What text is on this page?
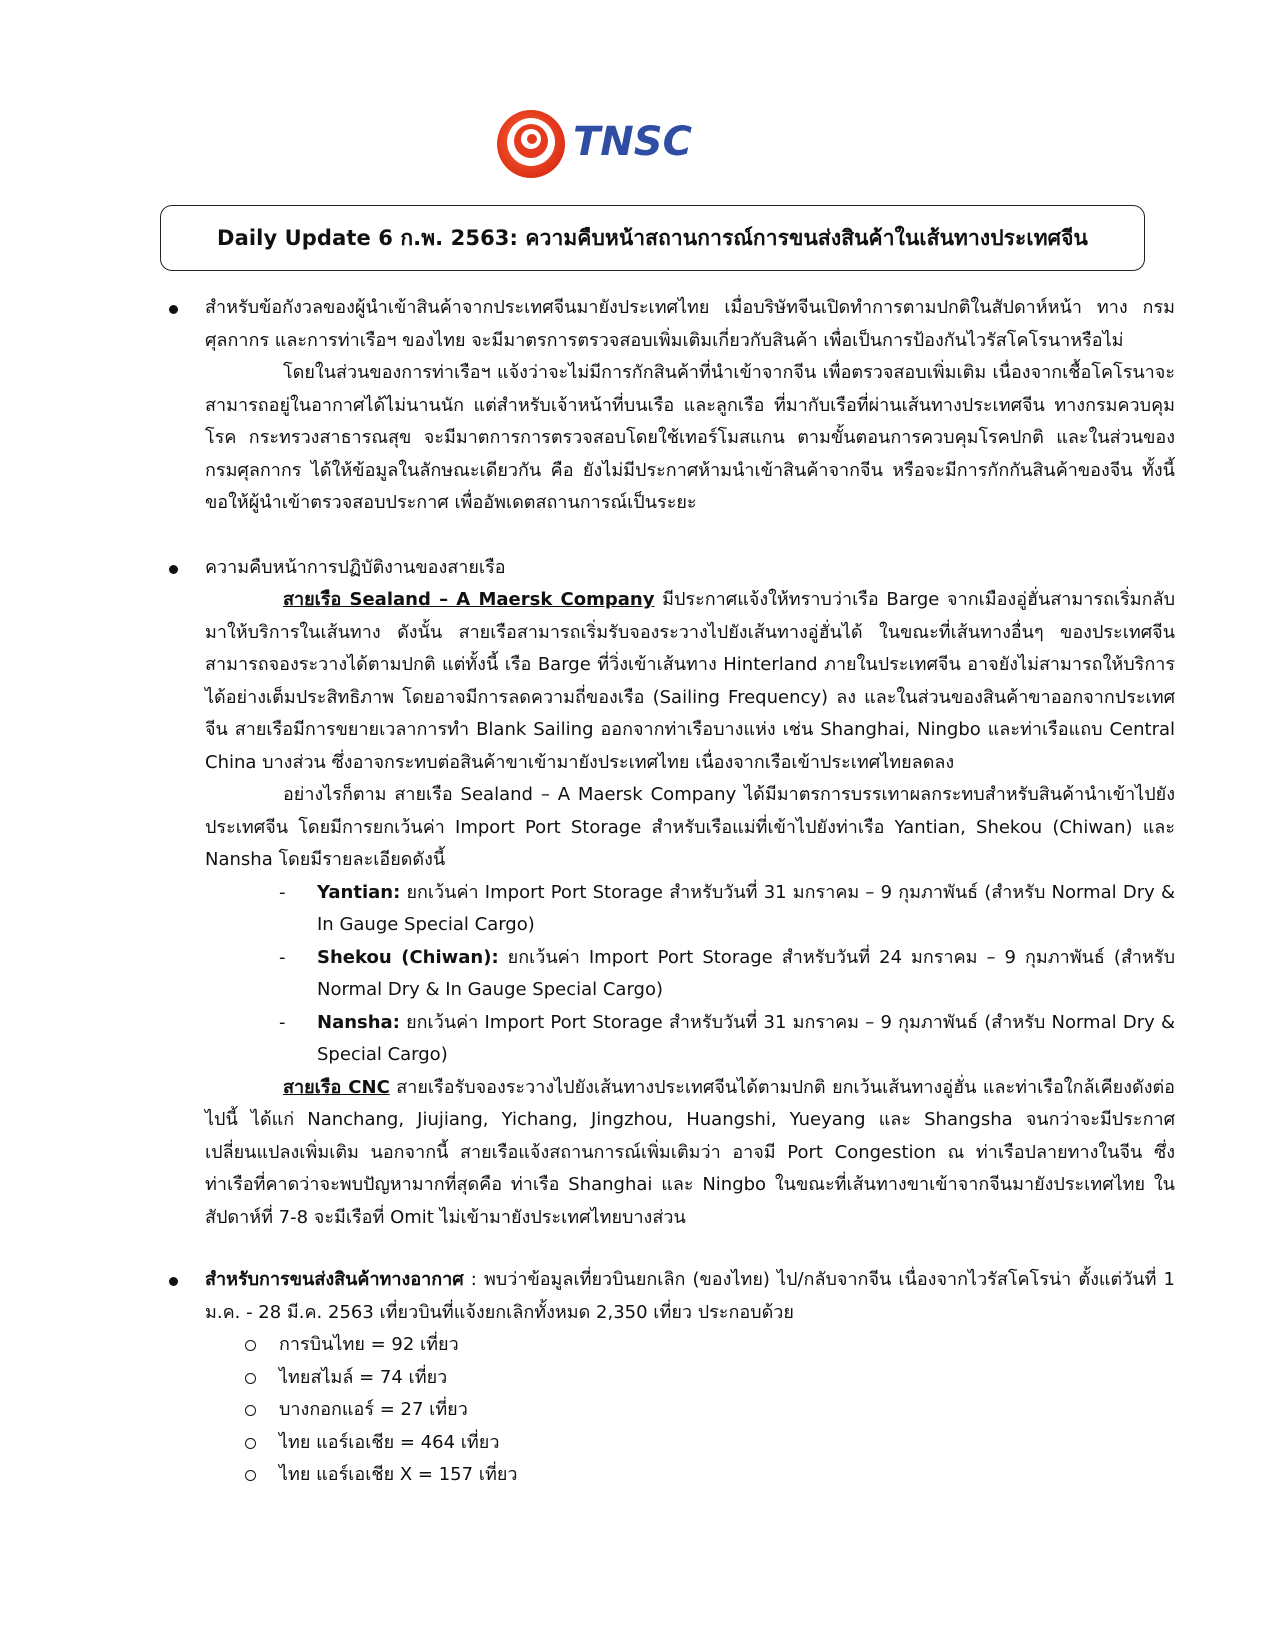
TNSC
Daily Update 6 ก.พ. 2563: ความคืบหน้าสถานการณ์การขนส่งสินค้าในเส้นทางประเทศจีน

สำหรับข้อกังวลของผู้นำเข้าสินค้าจากประเทศจีนมายังประเทศไทย เมื่อบริษัทจีนเปิดทำการตามปกติในสัปดาห์หน้า ทาง กรมศุลกากร และการท่าเรือฯ ของไทย จะมีมาตรการตรวจสอบเพิ่มเติมเกี่ยวกับสินค้า เพื่อเป็นการป้องกันไวรัสโคโรนาหรือไม่

โดยในส่วนของการท่าเรือฯ แจ้งว่าจะไม่มีการกักสินค้าที่นำเข้าจากจีน เพื่อตรวจสอบเพิ่มเติม เนื่องจากเชื้อโคโรนาจะสามารถอยู่ในอากาศได้ไม่นานนัก แต่สำหรับเจ้าหน้าที่บนเรือ และลูกเรือ ที่มากับเรือที่ผ่านเส้นทางประเทศจีน ทางกรมควบคุมโรค กระทรวงสาธารณสุข จะมีมาตการการตรวจสอบโดยใช้เทอร์โมสแกน ตามขั้นตอนการควบคุมโรคปกติ และในส่วนของกรมศุลกากร ได้ให้ข้อมูลในลักษณะเดียวกัน คือ ยังไม่มีประกาศห้ามนำเข้าสินค้าจากจีน หรือจะมีการกักกันสินค้าของจีน ทั้งนี้ ขอให้ผู้นำเข้าตรวจสอบประกาศ เพื่ออัพเดตสถานการณ์เป็นระยะ

ความคืบหน้าการปฏิบัติงานของสายเรือ

สายเรือ Sealand – A Maersk Company มีประกาศแจ้งให้ทราบว่าเรือ Barge จากเมืองอู่ฮั่นสามารถเริ่มกลับมาให้บริการในเส้นทาง ดังนั้น สายเรือสามารถเริ่มรับจองระวางไปยังเส้นทางอู่ฮั่นได้ ในขณะที่เส้นทางอื่นๆ ของประเทศจีน สามารถจองระวางได้ตามปกติ แต่ทั้งนี้ เรือ Barge ที่วิ่งเข้าเส้นทาง Hinterland ภายในประเทศจีน อาจยังไม่สามารถให้บริการได้อย่างเต็มประสิทธิภาพ โดยอาจมีการลดความถี่ของเรือ (Sailing Frequency) ลง และในส่วนของสินค้าขาออกจากประเทศจีน สายเรือมีการขยายเวลาการทำ Blank Sailing ออกจากท่าเรือบางแห่ง เช่น Shanghai, Ningbo และท่าเรือแถบ Central China บางส่วน ซึ่งอาจกระทบต่อสินค้าขาเข้ามายังประเทศไทย เนื่องจากเรือเข้าประเทศไทยลดลง

อย่างไรก็ตาม สายเรือ Sealand – A Maersk Company ได้มีมาตรการบรรเทาผลกระทบสำหรับสินค้านำเข้าไปยังประเทศจีน โดยมีการยกเว้นค่า Import Port Storage สำหรับเรือแม่ที่เข้าไปยังท่าเรือ Yantian, Shekou (Chiwan) และ Nansha โดยมีรายละเอียดดังนี้

- Yantian: ยกเว้นค่า Import Port Storage สำหรับวันที่ 31 มกราคม – 9 กุมภาพันธ์ (สำหรับ Normal Dry & In Gauge Special Cargo)
- Shekou (Chiwan): ยกเว้นค่า Import Port Storage สำหรับวันที่ 24 มกราคม – 9 กุมภาพันธ์ (สำหรับ Normal Dry & In Gauge Special Cargo)
- Nansha: ยกเว้นค่า Import Port Storage สำหรับวันที่ 31 มกราคม – 9 กุมภาพันธ์ (สำหรับ Normal Dry & Special Cargo)

สายเรือ CNC สายเรือรับจองระวางไปยังเส้นทางประเทศจีนได้ตามปกติ ยกเว้นเส้นทางอู่ฮั่น และท่าเรือใกล้เคียงดังต่อไปนี้ ได้แก่ Nanchang, Jiujiang, Yichang, Jingzhou, Huangshi, Yueyang และ Shangsha จนกว่าจะมีประกาศเปลี่ยนแปลงเพิ่มเติม นอกจากนี้ สายเรือแจ้งสถานการณ์เพิ่มเติมว่า อาจมี Port Congestion ณ ท่าเรือปลายทางในจีน ซึ่งท่าเรือที่คาดว่าจะพบปัญหามากที่สุดคือ ท่าเรือ Shanghai และ Ningbo ในขณะที่เส้นทางขาเข้าจากจีนมายังประเทศไทย ในสัปดาห์ที่ 7-8 จะมีเรือที่ Omit ไม่เข้ามายังประเทศไทยบางส่วน

สำหรับการขนส่งสินค้าทางอากาศ : พบว่าข้อมูลเที่ยวบินยกเลิก (ของไทย) ไป/กลับจากจีน เนื่องจากไวรัสโคโรน่า ตั้งแต่วันที่ 1 ม.ค. - 28 มี.ค. 2563 เที่ยวบินที่แจ้งยกเลิกทั้งหมด 2,350 เที่ยว ประกอบด้วย

การบินไทย = 92 เที่ยว
ไทยสไมล์ = 74 เที่ยว
บางกอกแอร์ = 27 เที่ยว
ไทย แอร์เอเชีย = 464 เที่ยว
ไทย แอร์เอเชีย X = 157 เที่ยว
